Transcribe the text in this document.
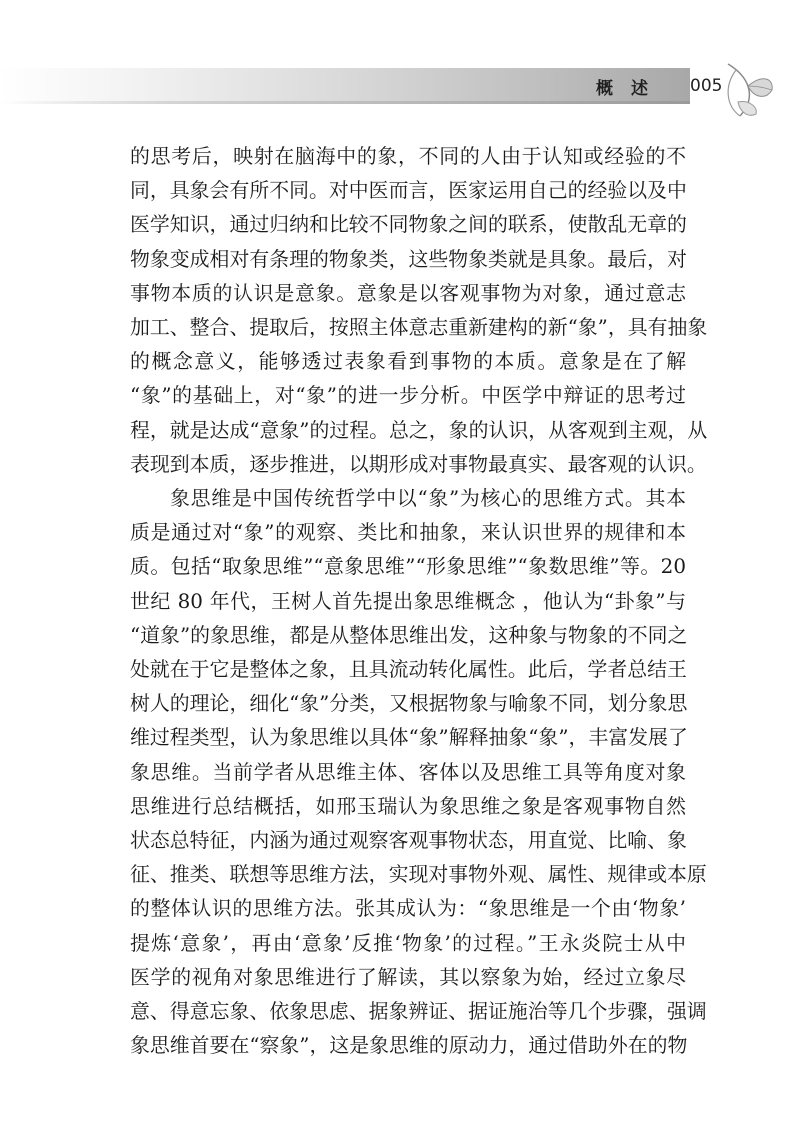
概述 005

的思考后，映射在脑海中的象，不同的人由于认知或经验的不

同，具象会有所不同。对中医而言，医家运用自己的经验以及中

医学知识，通过归纳和比较不同物象之间的联系，使散乱无章的

物象变成相对有条理的物象类，这些物象类就是具象。最后，对

事物本质的认识是意象。意象是以客观事物为对象，通过意志

加工、整合、提取后，按照主体意志重新建构的新“象”，具有抽象

的概念意义，能够透过表象看到事物的本质。意象是在了解

“象”的基础上，对“象”的进一步分析。中医学中辩证的思考过

程，就是达成“意象”的过程。总之，象的认识，从客观到主观，从

表现到本质，逐步推进，以期形成对事物最真实、最客观的认识。

象思维是中国传统哲学中以“象”为核心的思维方式。其本

质是通过对“象”的观察、类比和抽象，来认识世界的规律和本

质。包括“取象思维”“意象思维”“形象思维”“象数思维”等。20

世纪 80 年代，王树人首先提出象思维概念 ，他认为“卦象”与

“道象”的象思维，都是从整体思维出发，这种象与物象的不同之

处就在于它是整体之象，且具流动转化属性。此后，学者总结王

树人的理论，细化“象”分类，又根据物象与喻象不同，划分象思

维过程类型，认为象思维以具体“象”解释抽象“象”，丰富发展了

象思维。当前学者从思维主体、客体以及思维工具等角度对象

思维进行总结概括，如邢玉瑞认为象思维之象是客观事物自然

状态总特征，内涵为通过观察客观事物状态，用直觉、比喻、象

征、推类、联想等思维方法，实现对事物外观、属性、规律或本原

的整体认识的思维方法。张其成认为：“象思维是一个由‘物象’

提炼‘意象’，再由‘意象’反推‘物象’的过程。”王永炎院士从中

医学的视角对象思维进行了解读，其以察象为始，经过立象尽

意、得意忘象、依象思虑、据象辨证、据证施治等几个步骤，强调

象思维首要在“察象”，这是象思维的原动力，通过借助外在的物
